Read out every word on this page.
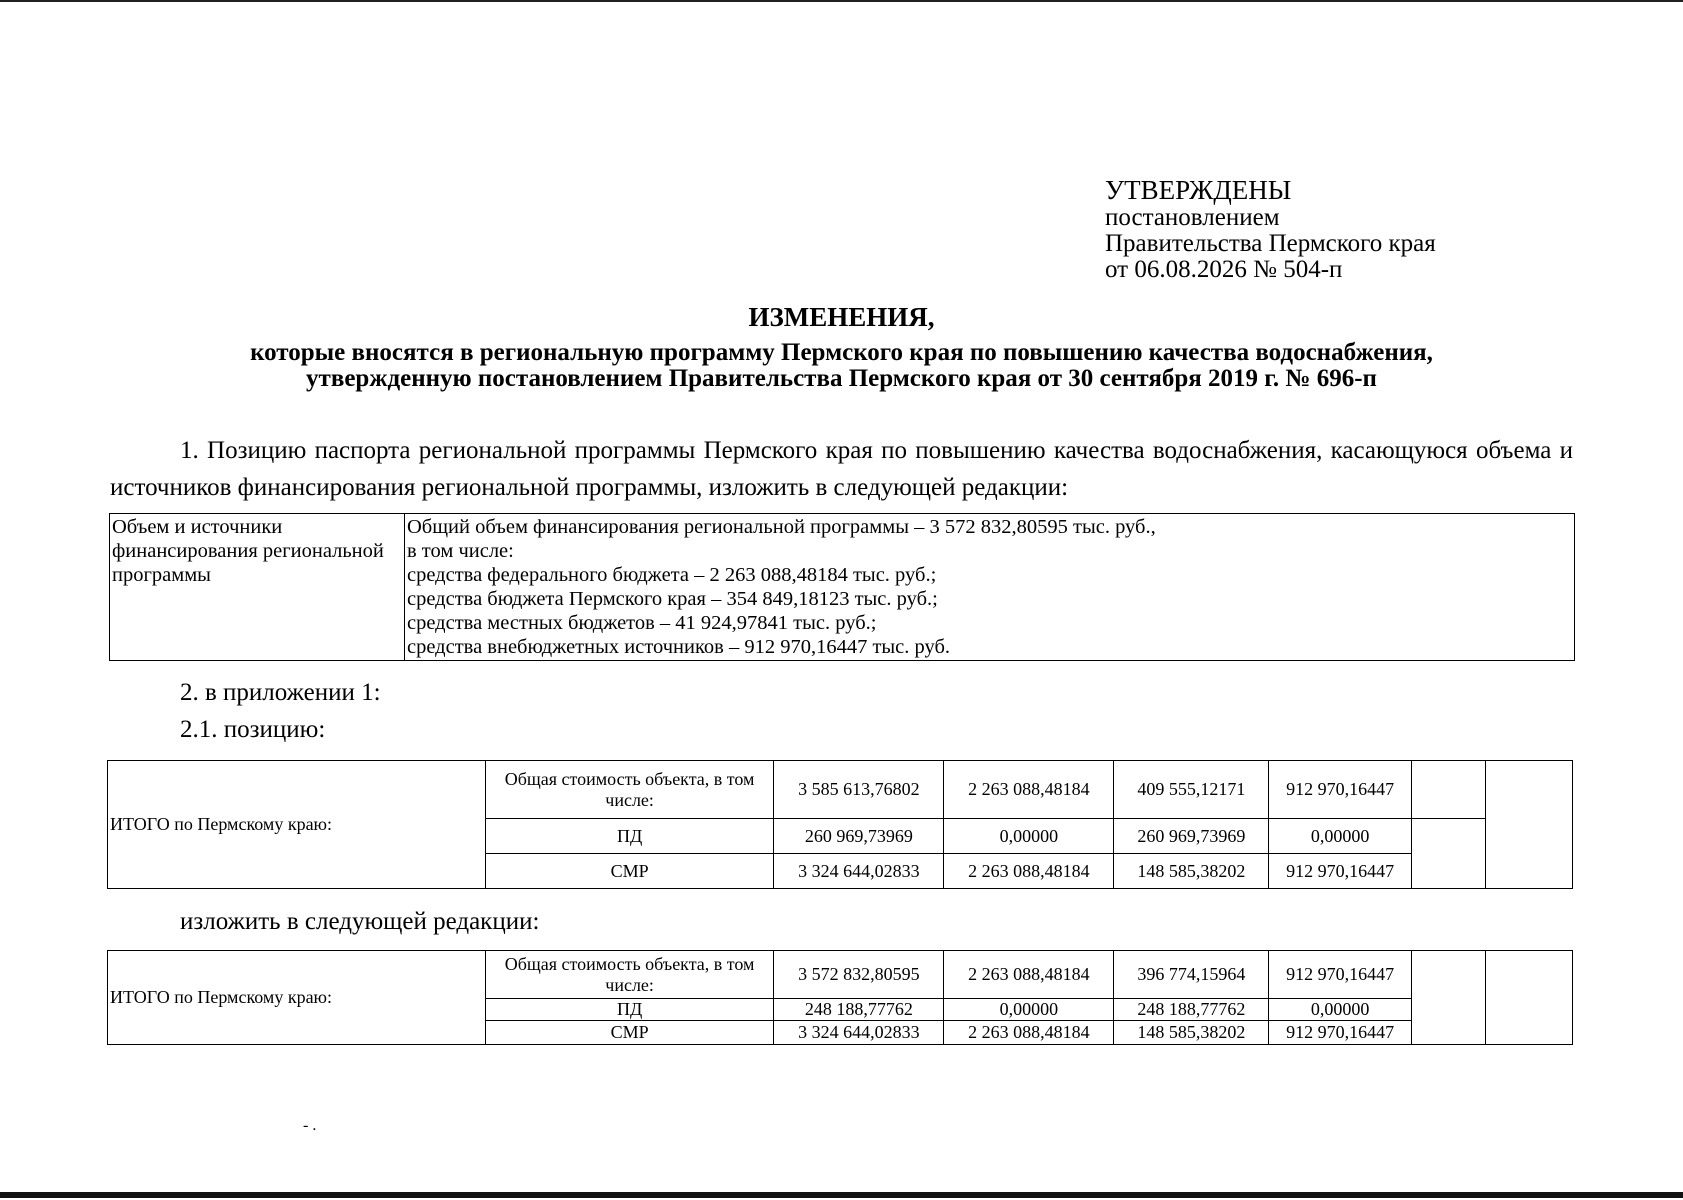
УТВЕРЖДЕНЫ
постановлением
Правительства Пермского края
от 06.08.2026 № 504-п
ИЗМЕНЕНИЯ,
которые вносятся в региональную программу Пермского края по повышению качества водоснабжения,
утвержденную постановлением Правительства Пермского края от 30 сентября 2019 г. № 696-п
1. Позицию паспорта региональной программы Пермского края по повышению качества водоснабжения, касающуюся объема и источников финансирования региональной программы, изложить в следующей редакции:
Объем и источники финансирования региональной программы	
Общий объем финансирования региональной программы – 3 572 832,80595 тыс. руб.,
в том числе:
средства федерального бюджета – 2 263 088,48184 тыс. руб.;
средства бюджета Пермского края – 354 849,18123 тыс. руб.;
средства местных бюджетов – 41 924,97841 тыс. руб.;
средства внебюджетных источников – 912 970,16447 тыс. руб.
2. в приложении 1:
2.1. позицию:
ИТОГО по Пермскому краю:	Общая стоимость объекта, в том числе:	3 585 613,76802	2 263 088,48184	409 555,12171	912 970,16447		
	ПД	260 969,73969	0,00000	260 969,73969	0,00000		
	СМР	3 324 644,02833	2 263 088,48184	148 585,38202	912 970,16447		
изложить в следующей редакции:
ИТОГО по Пермскому краю:	Общая стоимость объекта, в том числе:	3 572 832,80595	2 263 088,48184	396 774,15964	912 970,16447		
	ПД	248 188,77762	0,00000	248 188,77762	0,00000		
	СМР	3 324 644,02833	2 263 088,48184	148 585,38202	912 970,16447		
- .
